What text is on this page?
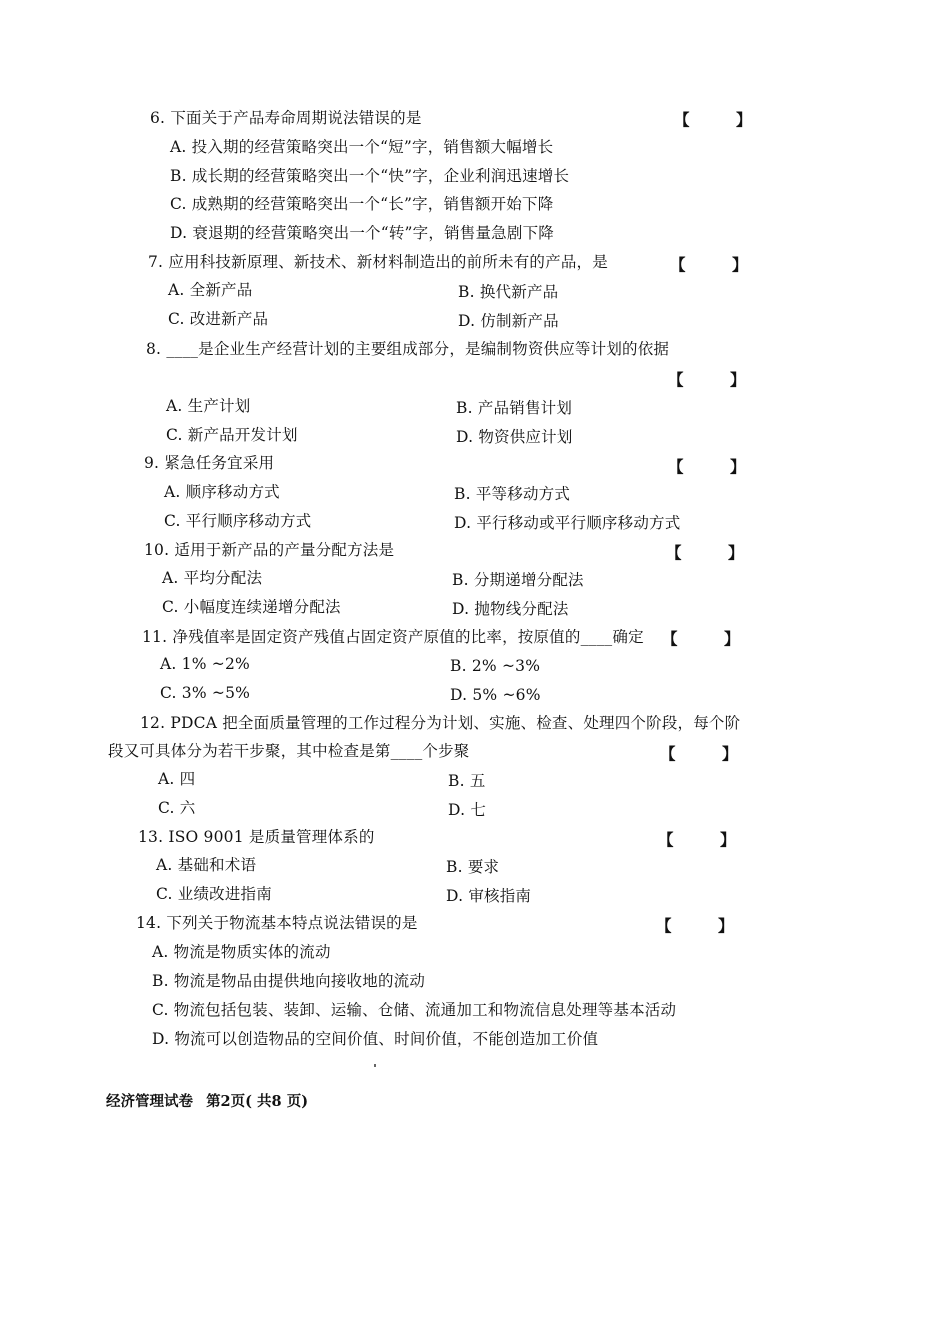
6. 下面关于产品寿命周期说法错误的是	【　　　】
A. 投入期的经营策略突出一个“短”字，销售额大幅增长
B. 成长期的经营策略突出一个“快”字，企业利润迅速增长
C. 成熟期的经营策略突出一个“长”字，销售额开始下降
D. 衰退期的经营策略突出一个“转”字，销售量急剧下降
7. 应用科技新原理、新技术、新材料制造出的前所未有的产品，是	【　　　】
A. 全新产品	B. 换代新产品
C. 改进新产品	D. 仿制新产品
8. ____是企业生产经营计划的主要组成部分，是编制物资供应等计划的依据
【　　　】
A. 生产计划	B. 产品销售计划
C. 新产品开发计划	D. 物资供应计划
9. 紧急任务宜采用	【　　　】
A. 顺序移动方式	B. 平等移动方式
C. 平行顺序移动方式	D. 平行移动或平行顺序移动方式
10. 适用于新产品的产量分配方法是	【　　　】
A. 平均分配法	B. 分期递增分配法
C. 小幅度连续递增分配法	D. 抛物线分配法
11. 净残值率是固定资产残值占固定资产原值的比率，按原值的____确定 【　　　】
A. 1% ~2%	B. 2% ~3%
C. 3% ~5%	D. 5% ~6%
12. PDCA 把全面质量管理的工作过程分为计划、实施、检查、处理四个阶段，每个阶
段又可具体分为若干步聚，其中检查是第____个步聚	【　　　】
A. 四	B. 五
C. 六	D. 七
13. ISO 9001 是质量管理体系的	【　　　】
A. 基础和术语	B. 要求
C. 业绩改进指南	D. 审核指南
14. 下列关于物流基本特点说法错误的是	【　　　】
A. 物流是物质实体的流动
B. 物流是物品由提供地向接收地的流动
C. 物流包括包装、装卸、运输、仓储、流通加工和物流信息处理等基本活动
D. 物流可以创造物品的空间价值、时间价值，不能创造加工价值
经济管理试卷 第2页( 共8 页)
